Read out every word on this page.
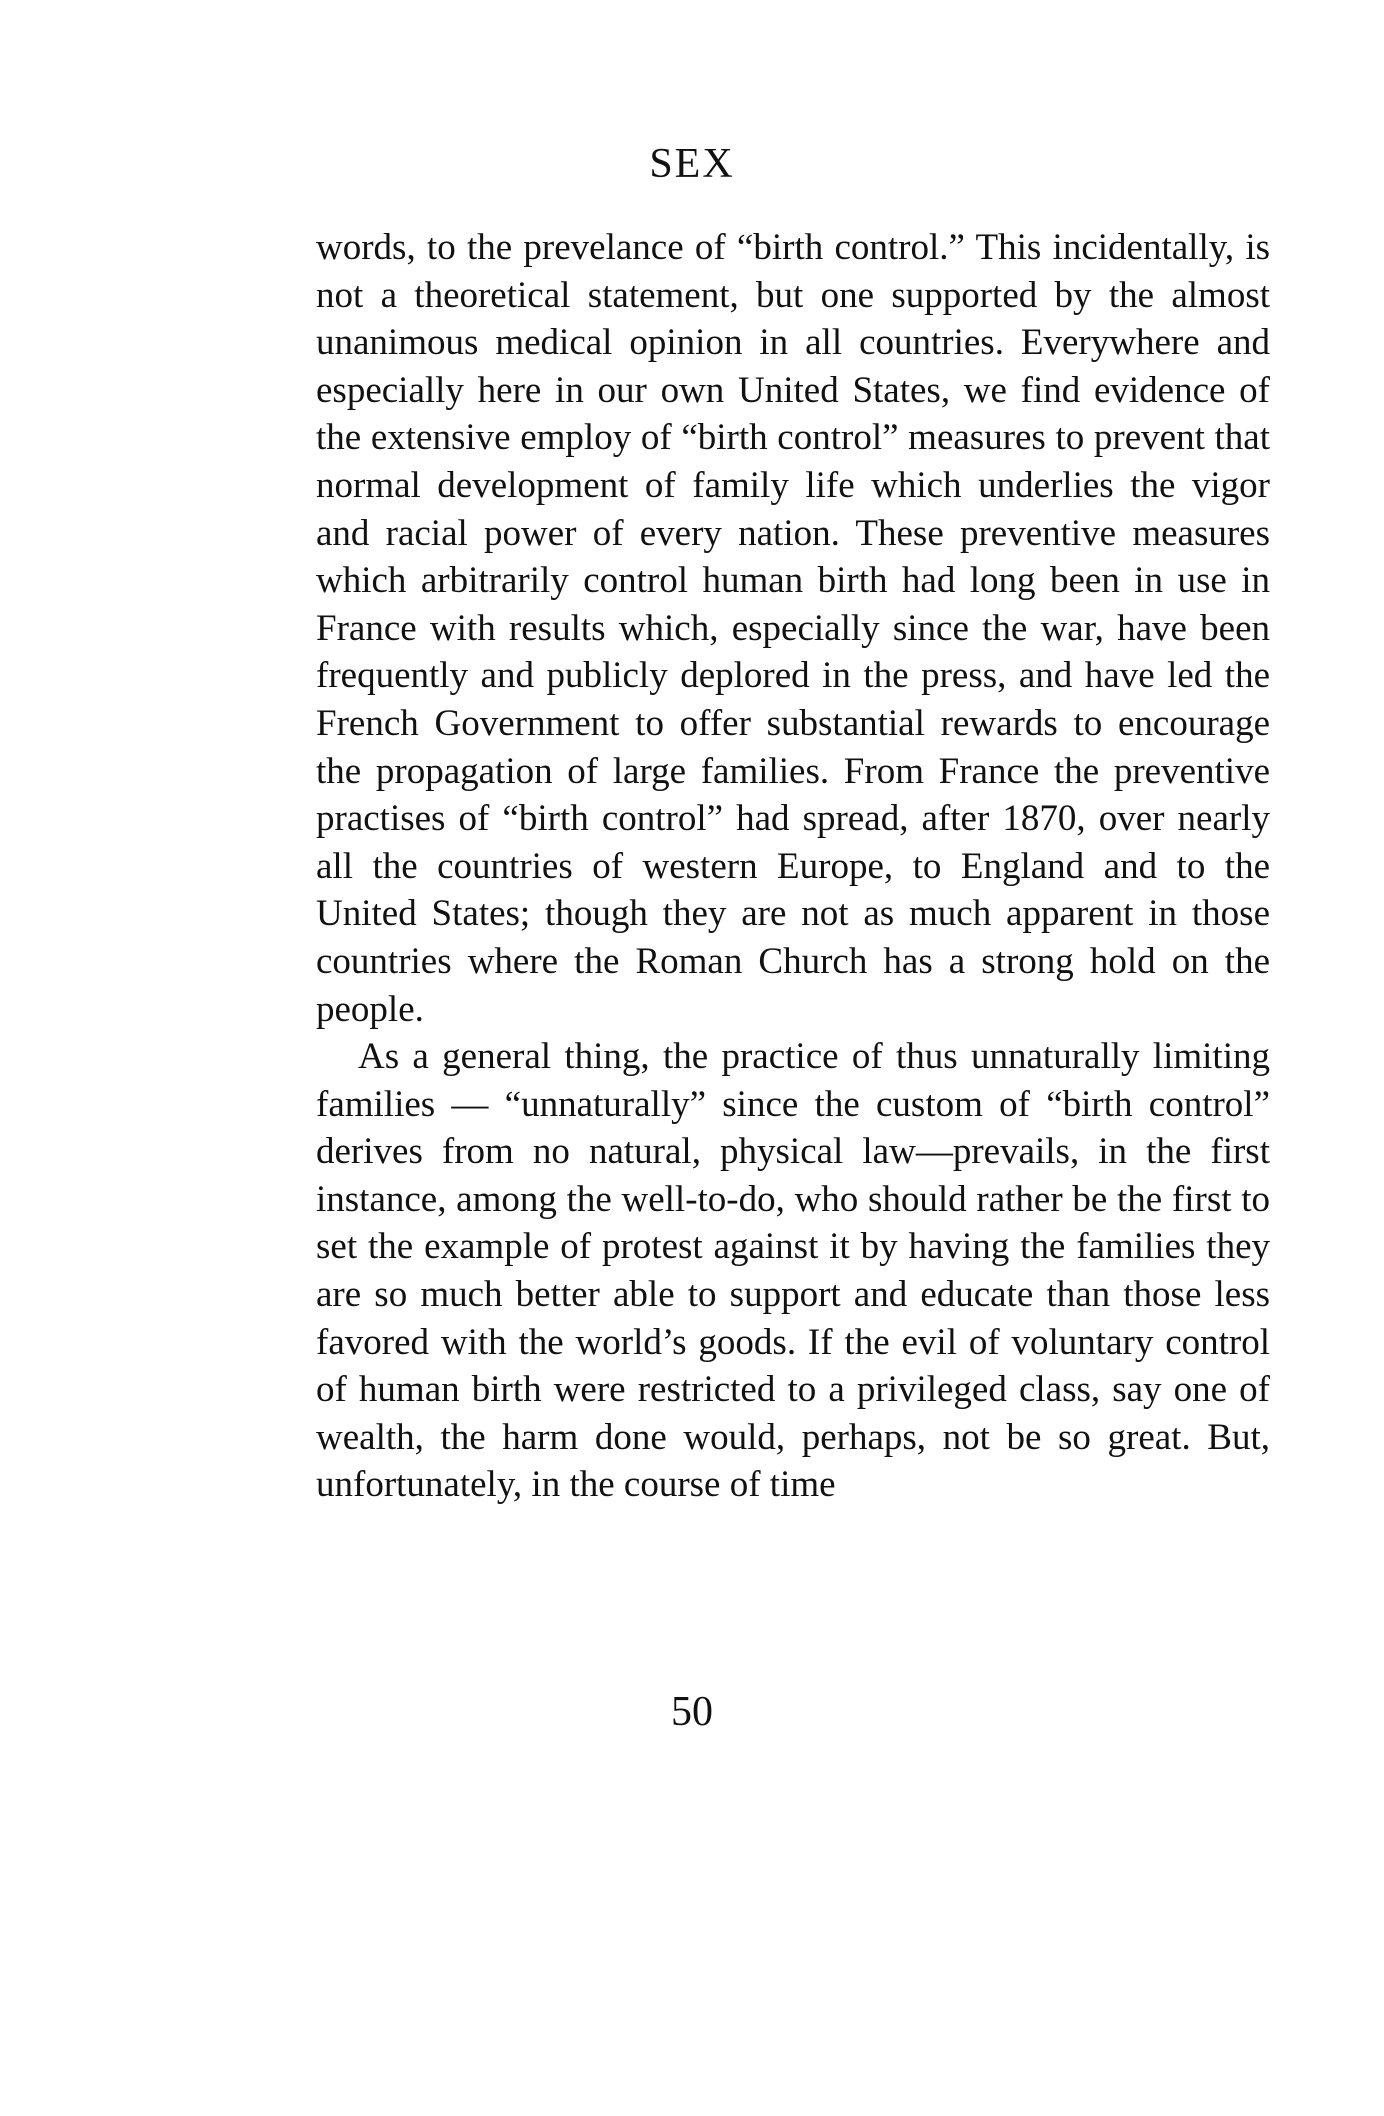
SEX

words, to the prevelance of “birth control.” This incidentally, is not a theoretical statement, but one supported by the almost unanimous medical opinion in all countries. Everywhere and especially here in our own United States, we find evidence of the extensive employ of “birth control” measures to prevent that normal development of family life which underlies the vigor and racial power of every nation. These preventive measures which arbitrarily control human birth had long been in use in France with results which, especially since the war, have been frequently and publicly deplored in the press, and have led the French Government to offer substantial rewards to encourage the propagation of large families. From France the preventive practises of “birth control” had spread, after 1870, over nearly all the countries of western Europe, to England and to the United States; though they are not as much apparent in those countries where the Roman Church has a strong hold on the people.

As a general thing, the practice of thus unnaturally limiting families — “unnaturally” since the custom of “birth control” derives from no natural, physical law—prevails, in the first instance, among the well-to-do, who should rather be the first to set the example of protest against it by having the families they are so much better able to support and educate than those less favored with the world’s goods. If the evil of voluntary control of human birth were restricted to a privileged class, say one of wealth, the harm done would, perhaps, not be so great. But, unfortunately, in the course of time

50
